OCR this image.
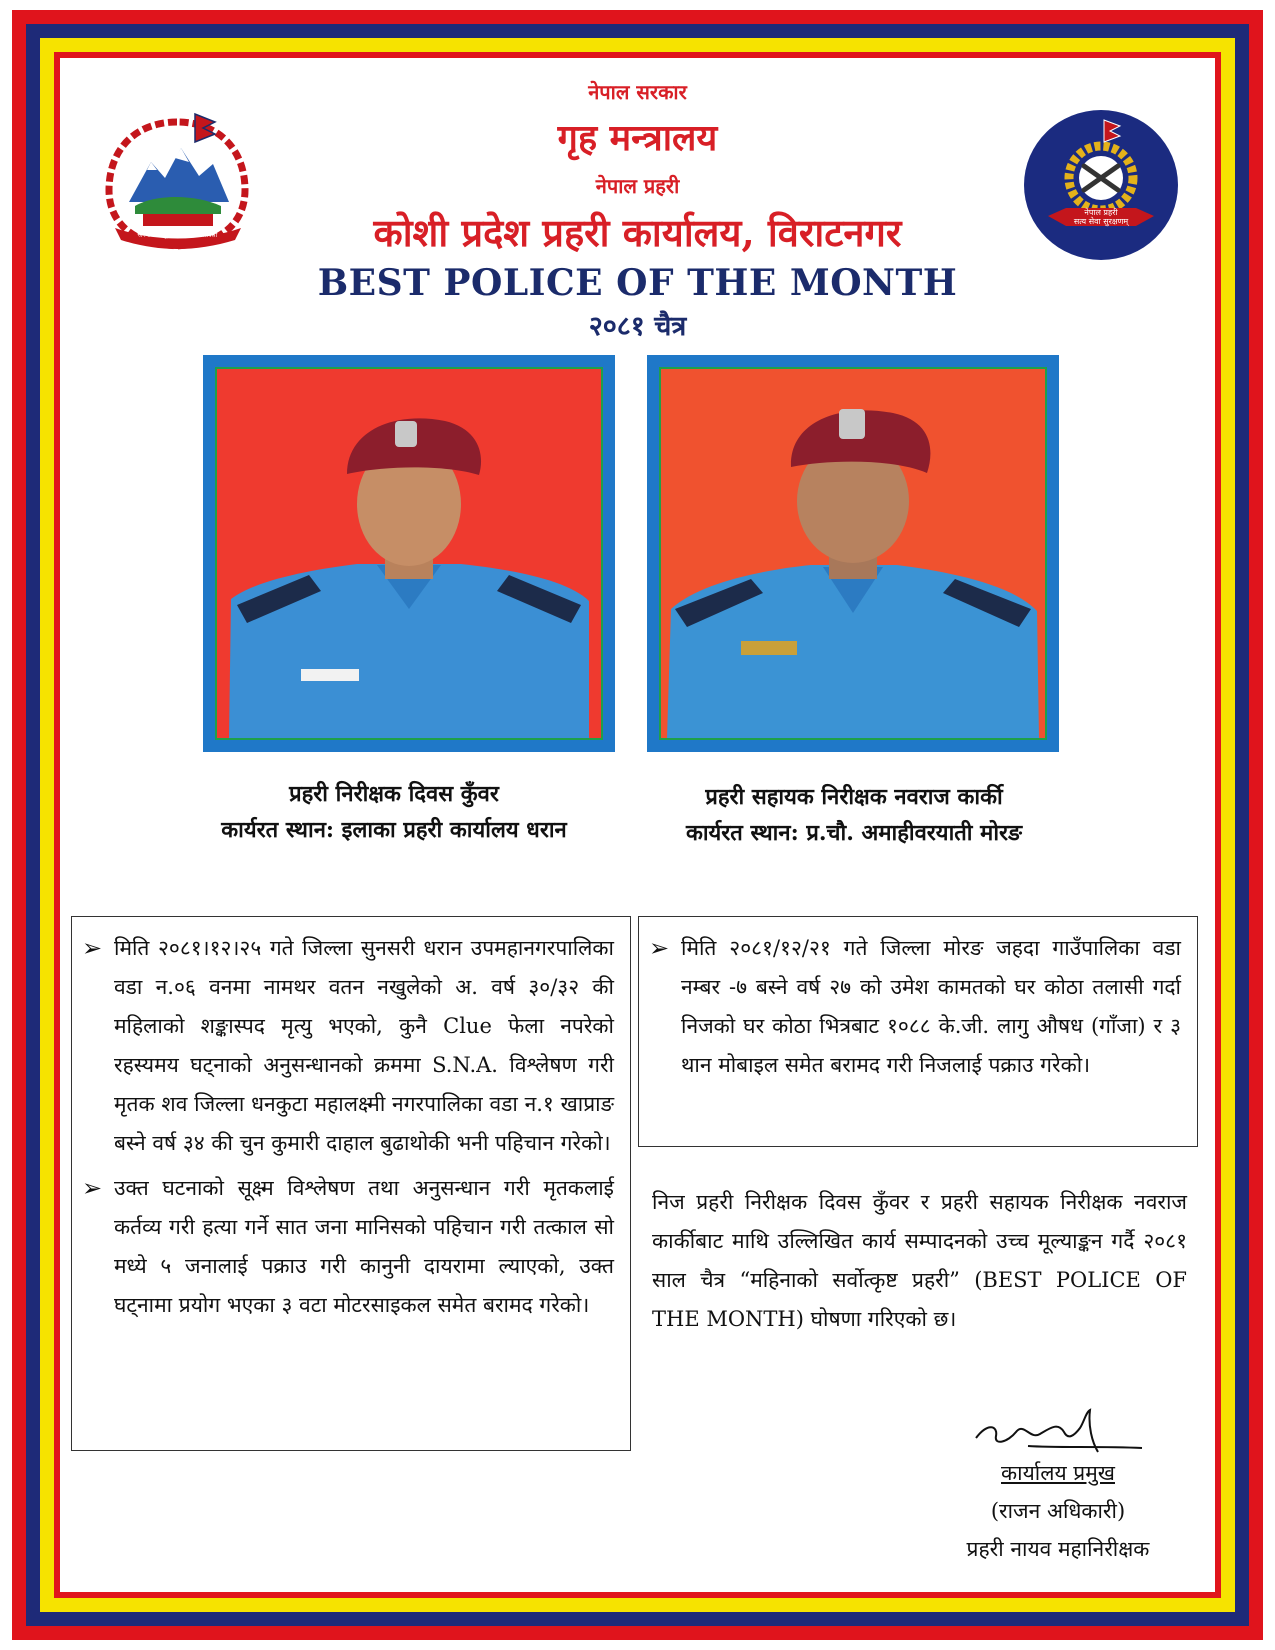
जननी जन्मभूमिश्च स्वर्गादपि गरीयसी
नेपाल प्रहरी
सत्य सेवा सुरक्षणम्
नेपाल सरकार
गृह मन्त्रालय
नेपाल प्रहरी
कोशी प्रदेश प्रहरी कार्यालय, विराटनगर
BEST POLICE OF THE MONTH
२०८१ चैत्र
प्रहरी निरीक्षक दिवस कुँवर
कार्यरत स्थान: इलाका प्रहरी कार्यालय धरान
प्रहरी सहायक निरीक्षक नवराज कार्की
कार्यरत स्थान: प्र.चौ. अमाहीवरयाती मोरङ
➢ मिति २०८१।१२।२५ गते जिल्ला सुनसरी धरान उपमहानगरपालिका वडा न.०६ वनमा नामथर वतन नखुलेको अ. वर्ष ३०/३२ की महिलाको शङ्कास्पद मृत्यु भएको, कुनै Clue फेला नपरेको रहस्यमय घट्नाको अनुसन्धानको क्रममा S.N.A. विश्लेषण गरी मृतक शव जिल्ला धनकुटा महालक्ष्मी नगरपालिका वडा न.१ खाप्राङ बस्ने वर्ष ३४ की चुन कुमारी दाहाल बुढाथोकी भनी पहिचान गरेको।
➢ उक्त घटनाको सूक्ष्म विश्लेषण तथा अनुसन्धान गरी मृतकलाई कर्तव्य गरी हत्या गर्ने सात जना मानिसको पहिचान गरी तत्काल सो मध्ये ५ जनालाई पक्राउ गरी कानुनी दायरामा ल्याएको, उक्त घट्नामा प्रयोग भएका ३ वटा मोटरसाइकल समेत बरामद गरेको।
➢ मिति २०८१/१२/२१ गते जिल्ला मोरङ जहदा गाउँपालिका वडा नम्बर -७ बस्ने वर्ष २७ को उमेश कामतको घर कोठा तलासी गर्दा निजको घर कोठा भित्रबाट १०८८ के.जी. लागु औषध (गाँजा) र ३ थान मोबाइल समेत बरामद गरी निजलाई पक्राउ गरेको।
निज प्रहरी निरीक्षक दिवस कुँवर र प्रहरी सहायक निरीक्षक नवराज कार्कीबाट माथि उल्लिखित कार्य सम्पादनको उच्च मूल्याङ्कन गर्दै २०८१ साल चैत्र “महिनाको सर्वोत्कृष्ट प्रहरी” (BEST POLICE OF THE MONTH) घोषणा गरिएको छ।
कार्यालय प्रमुख
(राजन अधिकारी)
प्रहरी नायव महानिरीक्षक
